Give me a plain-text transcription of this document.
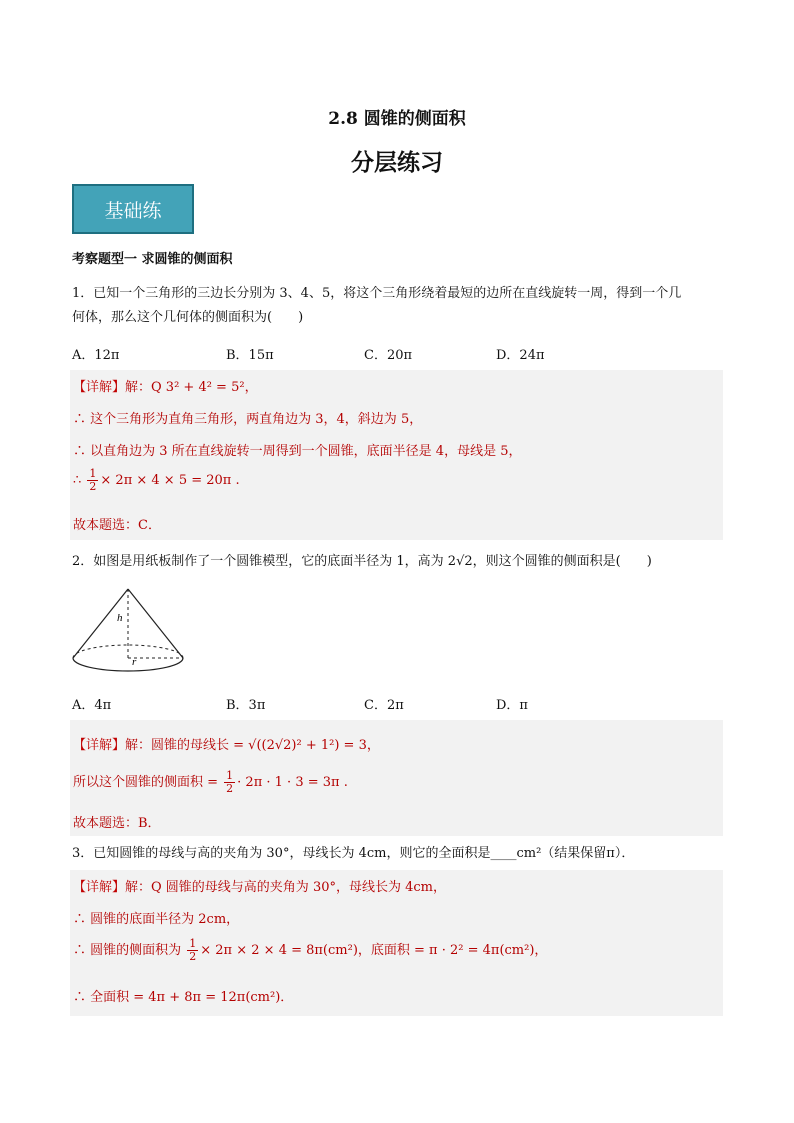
2.8 圆锥的侧面积
分层练习
基础练
考察题型一 求圆锥的侧面积
1．已知一个三角形的三边长分别为 3、4、5，将这个三角形绕着最短的边所在直线旋转一周，得到一个几
何体，那么这个几何体的侧面积为(　　)
A．12π	B．15π	C．20π	D．24π
【详解】解：Q 3² + 4² = 5²，
∴ 这个三角形为直角三角形，两直角边为 3，4，斜边为 5，
∴ 以直角边为 3 所在直线旋转一周得到一个圆锥，底面半径是 4，母线是 5，
∴ $\frac{1}{2} \times 2\pi \times 4 \times 5 = 20\pi$ .
故本题选：C．
2．如图是用纸板制作了一个圆锥模型，它的底面半径为 1，高为 2√2，则这个圆锥的侧面积是(　　)
h
r
A．4π	B．3π	C．2π	D．π
【详解】解：圆锥的母线长 = √((2√2)² + 1²) = 3，
所以这个圆锥的侧面积 = $\frac{1}{2} \cdot 2\pi \cdot 1 \cdot 3 = 3\pi$ .
故本题选：B．
3．已知圆锥的母线与高的夹角为 30°，母线长为 4cm，则它的全面积是____cm²（结果保留π）．
【详解】解：Q 圆锥的母线与高的夹角为 30°，母线长为 4cm，
∴ 圆锥的底面半径为 2cm，
∴ 圆锥的侧面积为 $\frac{1}{2} \times 2\pi \times 2 \times 4 = 8\pi(cm^2)$，底面积 = π · 2² = 4π(cm²)，
∴ 全面积 = 4π + 8π = 12π(cm²)．
